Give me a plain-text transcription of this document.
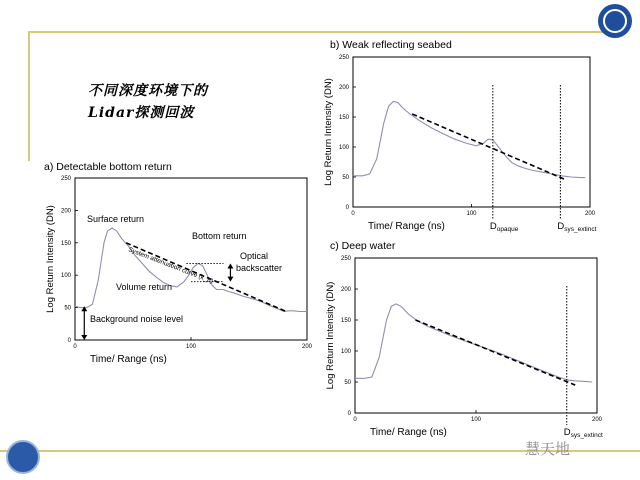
不同深度环境下的
Lidar探测回波
慧天地
a) Detectable bottom return
0
50
100
150
200
250
0	100	200
Time/ Range (ns)
Log Return Intensity (DN)	Surface return
Bottom return
Optical
backscatter
Volume return
Background noise level
System attenuation curve (k_L)
b) Weak reflecting seabed
0
50
100
150
200
250
0	100	200
Time/ Range (ns)
Log Return Intensity (DN)
$D_{opaque}$	$D_{sys\_extinct}$
c) Deep water
0
50
100
150
200
250
0	100	200
Time/ Range (ns)
Log Return Intensity (DN)
$D_{sys\_extinct}$
